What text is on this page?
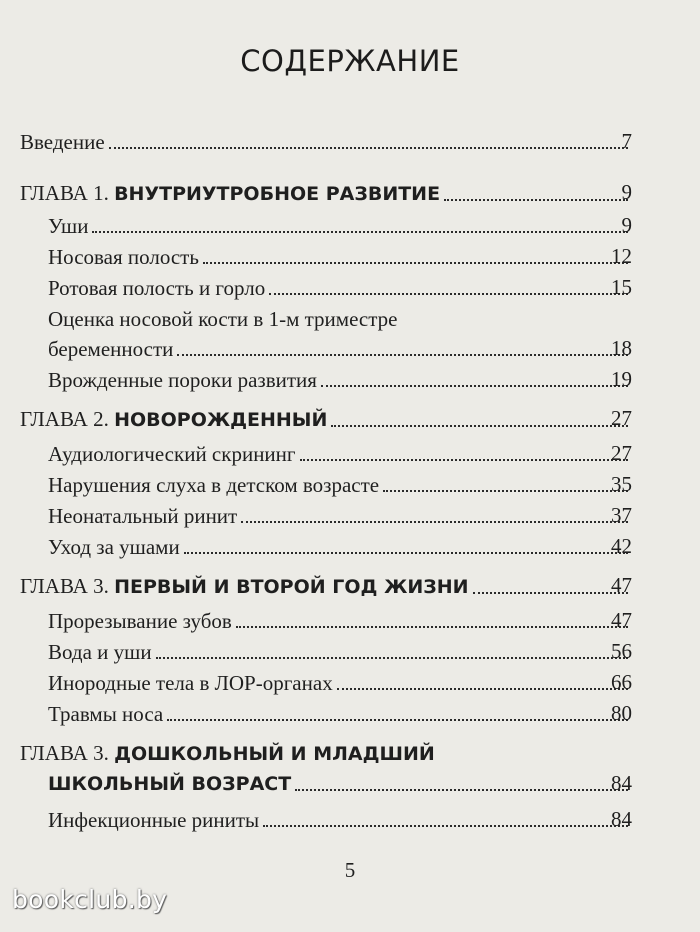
СОДЕРЖАНИЕ
Введение	7
ГЛАВА 1. ВНУТРИУТРОБНОЕ РАЗВИТИЕ	9
Уши	9
Носовая полость	12
Ротовая полость и горло	15
Оценка носовой кости в 1-м триместре
беременности	18
Врожденные пороки развития	19
ГЛАВА 2. НОВОРОЖДЕННЫЙ	27
Аудиологический скрининг	27
Нарушения слуха в детском возрасте	35
Неонатальный ринит	37
Уход за ушами	42
ГЛАВА 3. ПЕРВЫЙ И ВТОРОЙ ГОД ЖИЗНИ	47
Прорезывание зубов	47
Вода и уши	56
Инородные тела в ЛОР-органах	66
Травмы носа	80
ГЛАВА 3. ДОШКОЛЬНЫЙ И МЛАДШИЙ
ШКОЛЬНЫЙ ВОЗРАСТ	84
Инфекционные риниты	84
5
bookclub.by
